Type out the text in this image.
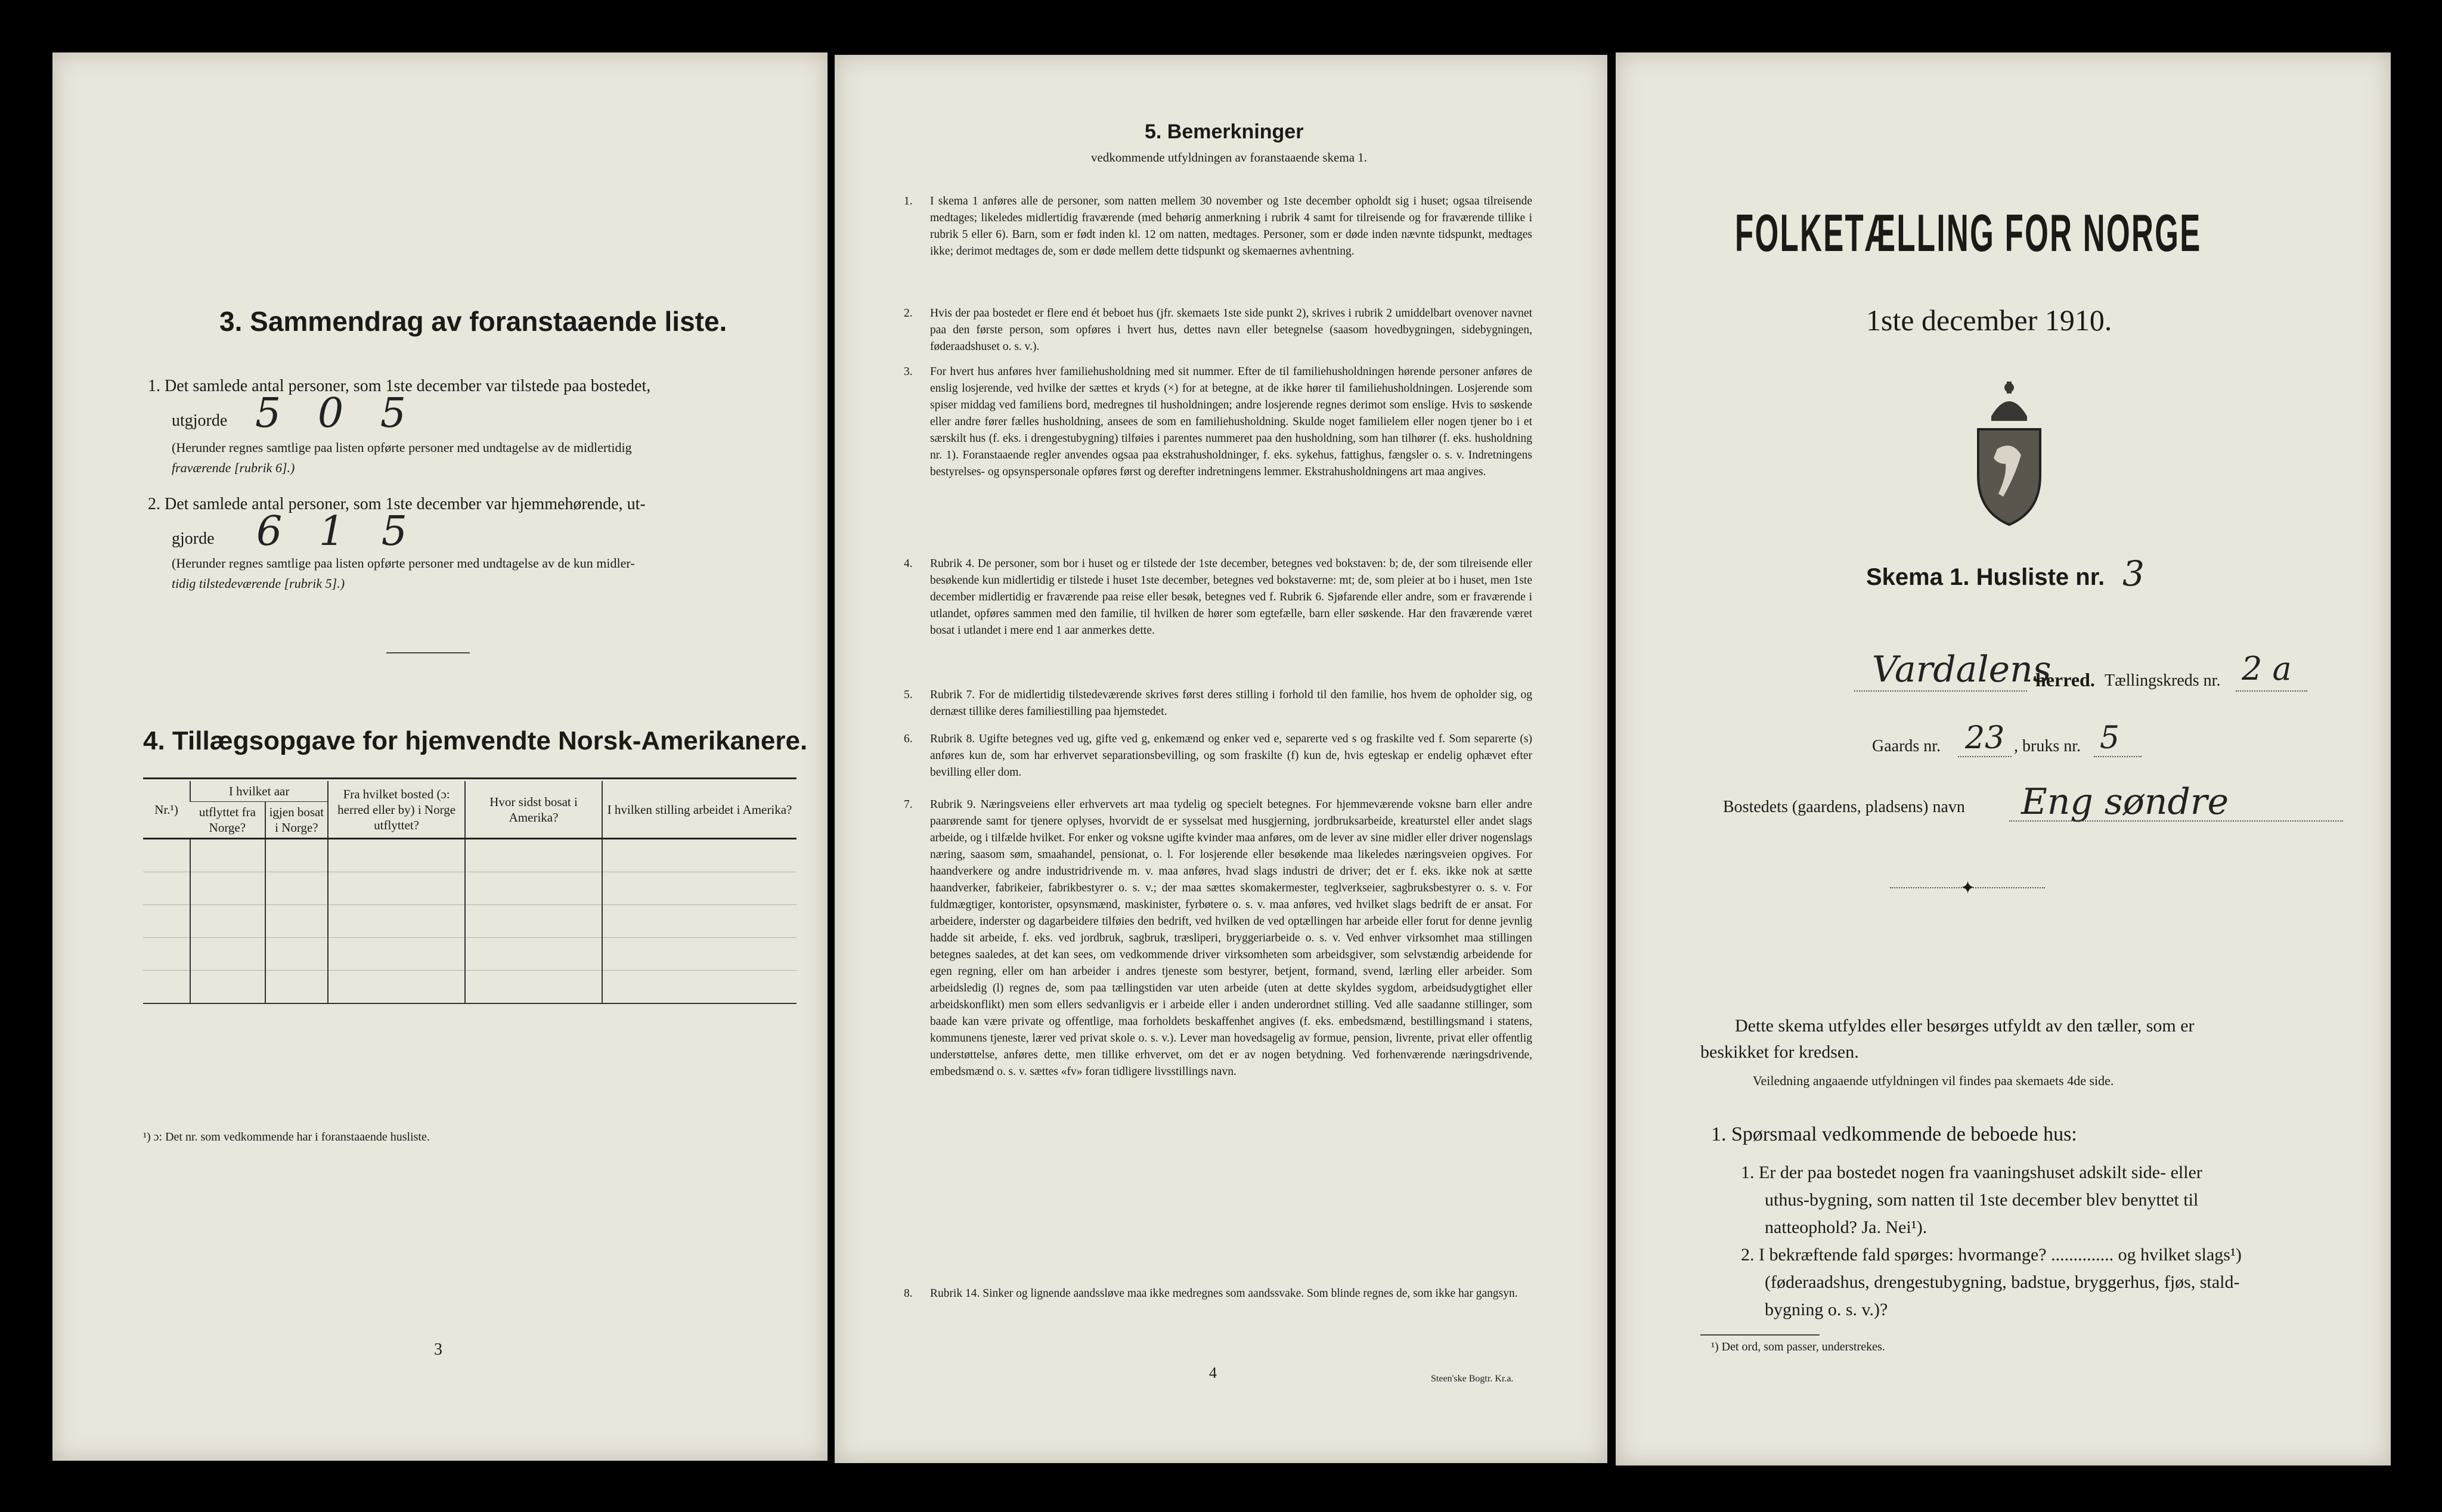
3. Sammendrag av foranstaaende liste.
1. Det samlede antal personer, som 1ste december var tilstede paa bostedet,
utgjorde 5 0 5
(Herunder regnes samtlige paa listen opførte personer med undtagelse av de midlertidig
fraværende [rubrik 6].)
2. Det samlede antal personer, som 1ste december var hjemmehørende, ut-
gjorde 6 1 5
(Herunder regnes samtlige paa listen opførte personer med undtagelse av de kun midler-
tidig tilstedeværende [rubrik 5].)
4. Tillægsopgave for hjemvendte Norsk-Amerikanere.
Nr.¹)	I hvilket aar		Fra hvilket bosted (ɔ: herred eller by) i Norge utflyttet?	Hvor sidst bosat i Amerika?	I hvilken stilling arbeidet i Amerika?
	utflyttet fra Norge?	igjen bosat i Norge?			

¹) ɔ: Det nr. som vedkommende har i foranstaaende husliste.
3
5. Bemerkninger
vedkommende utfyldningen av foranstaaende skema 1.
1. I skema 1 anføres alle de personer, som natten mellem 30 november og 1ste december opholdt sig i huset; ogsaa tilreisende medtages; likeledes midlertidig fraværende (med behørig anmerkning i rubrik 4 samt for tilreisende og for fraværende tillike i rubrik 5 eller 6). Barn, som er født inden kl. 12 om natten, medtages. Personer, som er døde inden nævnte tidspunkt, medtages ikke; derimot medtages de, som er døde mellem dette tidspunkt og skemaernes avhentning.
2. Hvis der paa bostedet er flere end ét beboet hus (jfr. skemaets 1ste side punkt 2), skrives i rubrik 2 umiddelbart ovenover navnet paa den første person, som opføres i hvert hus, dettes navn eller betegnelse (saasom hovedbygningen, sidebygningen, føderaadshuset o. s. v.).
3. For hvert hus anføres hver familiehusholdning med sit nummer. Efter de til familiehusholdningen hørende personer anføres de enslig losjerende, ved hvilke der sættes et kryds (×) for at betegne, at de ikke hører til familiehusholdningen. Losjerende som spiser middag ved familiens bord, medregnes til husholdningen; andre losjerende regnes derimot som enslige. Hvis to søskende eller andre fører fælles husholdning, ansees de som en familiehusholdning. Skulde noget familielem eller nogen tjener bo i et særskilt hus (f. eks. i drengestubygning) tilføies i parentes nummeret paa den husholdning, som han tilhører (f. eks. husholdning nr. 1). Foranstaaende regler anvendes ogsaa paa ekstrahusholdninger, f. eks. sykehus, fattighus, fængsler o. s. v. Indretningens bestyrelses- og opsynspersonale opføres først og derefter indretningens lemmer. Ekstrahusholdningens art maa angives.
4. Rubrik 4. De personer, som bor i huset og er tilstede der 1ste december, betegnes ved bokstaven: b; de, der som tilreisende eller besøkende kun midlertidig er tilstede i huset 1ste december, betegnes ved bokstaverne: mt; de, som pleier at bo i huset, men 1ste december midlertidig er fraværende paa reise eller besøk, betegnes ved f. Rubrik 6. Sjøfarende eller andre, som er fraværende i utlandet, opføres sammen med den familie, til hvilken de hører som egtefælle, barn eller søskende. Har den fraværende været bosat i utlandet i mere end 1 aar anmerkes dette.
5. Rubrik 7. For de midlertidig tilstedeværende skrives først deres stilling i forhold til den familie, hos hvem de opholder sig, og dernæst tillike deres familiestilling paa hjemstedet.
6. Rubrik 8. Ugifte betegnes ved ug, gifte ved g, enkemænd og enker ved e, separerte ved s og fraskilte ved f. Som separerte (s) anføres kun de, som har erhvervet separationsbevilling, og som fraskilte (f) kun de, hvis egteskap er endelig ophævet efter bevilling eller dom.
7. Rubrik 9. Næringsveiens eller erhvervets art maa tydelig og specielt betegnes. For hjemmeværende voksne barn eller andre paarørende samt for tjenere oplyses, hvorvidt de er sysselsat med husgjerning, jordbruksarbeide, kreaturstel eller andet slags arbeide, og i tilfælde hvilket. For enker og voksne ugifte kvinder maa anføres, om de lever av sine midler eller driver nogenslags næring, saasom søm, smaahandel, pensionat, o. l. For losjerende eller besøkende maa likeledes næringsveien opgives. For haandverkere og andre industridrivende m. v. maa anføres, hvad slags industri de driver; det er f. eks. ikke nok at sætte haandverker, fabrikeier, fabrikbestyrer o. s. v.; der maa sættes skomakermester, teglverkseier, sagbruksbestyrer o. s. v. For fuldmægtiger, kontorister, opsynsmænd, maskinister, fyrbøtere o. s. v. maa anføres, ved hvilket slags bedrift de er ansat. For arbeidere, inderster og dagarbeidere tilføies den bedrift, ved hvilken de ved optællingen har arbeide eller forut for denne jevnlig hadde sit arbeide, f. eks. ved jordbruk, sagbruk, træsliperi, bryggeriarbeide o. s. v. Ved enhver virksomhet maa stillingen betegnes saaledes, at det kan sees, om vedkommende driver virksomheten som arbeidsgiver, som selvstændig arbeidende for egen regning, eller om han arbeider i andres tjeneste som bestyrer, betjent, formand, svend, lærling eller arbeider. Som arbeidsledig (l) regnes de, som paa tællingstiden var uten arbeide (uten at dette skyldes sygdom, arbeidsudygtighet eller arbeidskonflikt) men som ellers sedvanligvis er i arbeide eller i anden underordnet stilling. Ved alle saadanne stillinger, som baade kan være private og offentlige, maa forholdets beskaffenhet angives (f. eks. embedsmænd, bestillingsmand i statens, kommunens tjeneste, lærer ved privat skole o. s. v.). Lever man hovedsagelig av formue, pension, livrente, privat eller offentlig understøttelse, anføres dette, men tillike erhvervet, om det er av nogen betydning. Ved forhenværende næringsdrivende, embedsmænd o. s. v. sættes «fv» foran tidligere livsstillings navn.
8. Rubrik 14. Sinker og lignende aandssløve maa ikke medregnes som aandssvake. Som blinde regnes de, som ikke har gangsyn.
4	Steen'ske Bogtr. Kr.a.
FOLKETÆLLING FOR NORGE
1ste december 1910.
Skema 1. Husliste nr. 3
Vardalens
herred. Tællingskreds nr. 2 a
Gaards nr. 23 , bruks nr. 5
Bostedets (gaardens, pladsens) navn Eng søndre
✦
Dette skema utfyldes eller besørges utfyldt av den tæller, som er
beskikket for kredsen.
Veiledning angaaende utfyldningen vil findes paa skemaets 4de side.
1. Spørsmaal vedkommende de beboede hus:
1. Er der paa bostedet nogen fra vaaningshuset adskilt side- eller
uthus-bygning, som natten til 1ste december blev benyttet til
natteophold? Ja. Nei¹).
2. I bekræftende fald spørges: hvormange? .............. og hvilket slags¹)
(føderaadshus, drengestubygning, badstue, bryggerhus, fjøs, stald-
bygning o. s. v.)?
¹) Det ord, som passer, understrekes.
